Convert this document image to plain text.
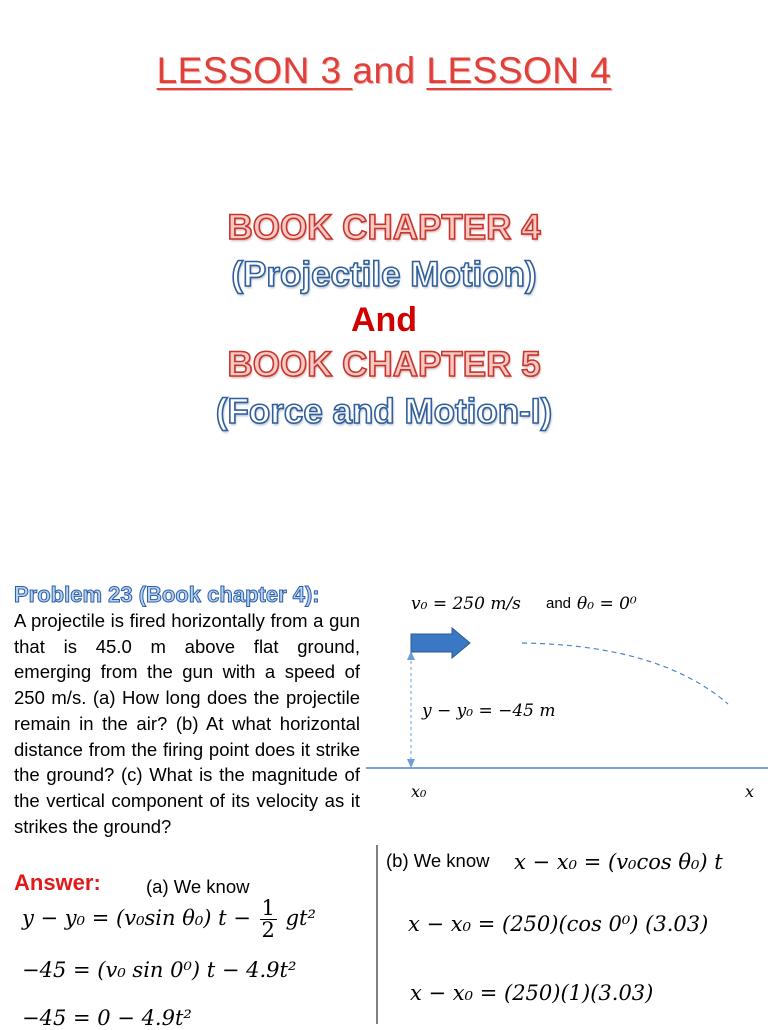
LESSON 3 and LESSON 4
BOOK CHAPTER 4
(Projectile Motion)
And
BOOK CHAPTER 5
(Force and Motion-I)
Problem 23 (Book chapter 4):
A projectile is fired horizontally from a gun that is 45.0 m above flat ground, emerging from the gun with a speed of 250 m/s. (a) How long does the projectile remain in the air? (b) At what horizontal distance from the firing point does it strike the ground? (c) What is the magnitude of the vertical component of its velocity as it strikes the ground?
v₀ = 250 m/s and θ₀ = 0⁰
y − y₀ = −45 m
x₀	x
Answer: (a) We know
y − y₀ = (v₀sin θ₀) $t - \frac{1}{2} gt^2$
−45 = (v₀ sin 0⁰) t − 4.9t²
−45 = 0 − 4.9t²
(b) We know x − x₀ = (v₀cos θ₀) t
x − x₀ = (250)(cos 0⁰) (3.03)
x − x₀ = (250)(1)(3.03)
